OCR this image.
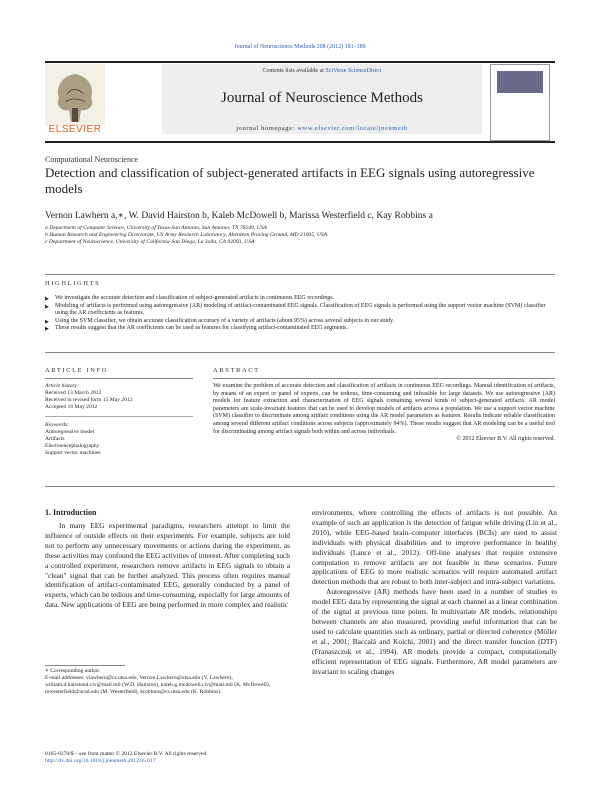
Journal of Neuroscience Methods 208 (2012) 181–189
Contents lists available at SciVerse ScienceDirect
Journal of Neuroscience Methods
journal homepage: www.elsevier.com/locate/jneumeth
ELSEVIER
Computational Neuroscience
Detection and classification of subject-generated artifacts in EEG signals using autoregressive models
Vernon Lawhern a,∗, W. David Hairston b, Kaleb McDowell b, Marissa Westerfield c, Kay Robbins a
a Department of Computer Science, University of Texas-San Antonio, San Antonio, TX 78249, USA
b Human Research and Engineering Directorate, US Army Research Laboratory, Aberdeen Proving Ground, MD 21005, USA
c Department of Neuroscience, University of California-San Diego, La Jolla, CA 92093, USA
HIGHLIGHTS
▶ We investigate the accurate detection and classification of subject-generated artifacts in continuous EEG recordings.
▶ Modeling of artifacts is performed using autoregressive (AR) modeling of artifact-contaminated EEG signals. Classification of EEG signals is performed using the support vector machine (SVM) classifier using the AR coefficients as features.
▶ Using the SVM classifier, we obtain accurate classification accuracy of a variety of artifacts (about 95%) across several subjects in our study.
▶ These results suggest that the AR coefficients can be used as features for classifying artifact-contaminated EEG segments.
ARTICLE INFO	ABSTRACT
Article history:
Received 13 March 2012
Received in revised form 15 May 2012
Accepted 16 May 2012
Keywords:
Autoregressive model
Artifacts
Electroencephalography
Support vector machines

We examine the problem of accurate detection and classification of artifacts in continuous EEG recordings. Manual identification of artifacts, by means of an expert or panel of experts, can be tedious, time-consuming and infeasible for large datasets. We use autoregressive (AR) models for feature extraction and characterization of EEG signals containing several kinds of subject-generated artifacts. AR model parameters are scale-invariant features that can be used to develop models of artifacts across a population. We use a support vector machine (SVM) classifier to discriminate among artifact conditions using the AR model parameters as features. Results indicate reliable classification among several different artifact conditions across subjects (approximately 94%). These results suggest that AR modeling can be a useful tool for discriminating among artifact signals both within and across individuals.

© 2012 Elsevier B.V. All rights reserved.

1. Introduction

In many EEG experimental paradigms, researchers attempt to limit the influence of outside effects on their experiments. For example, subjects are told not to perform any unnecessary movements or actions during the experiment, as these activities may confound the EEG activities of interest. After completing such a controlled experiment, researchers remove artifacts in EEG signals to obtain a "clean" signal that can be further analyzed. This process often requires manual identification of artifact-contaminated EEG, generally conducted by a panel of experts, which can be tedious and time-consuming, especially for large amounts of data. New applications of EEG are being performed in more complex and realistic

environments, where controlling the effects of artifacts is not possible. An example of such an application is the detection of fatigue while driving (Lin et al., 2010), while EEG-based brain–computer interfaces (BCIs) are used to assist individuals with physical disabilities and to improve performance in healthy individuals (Lance et al., 2012). Off-line analyses that require extensive computation to remove artifacts are not feasible in these scenarios. Future applications of EEG to more realistic scenarios will require automated artifact detection methods that are robust to both inter-subject and intra-subject variations.

Autoregressive (AR) methods have been used in a number of studies to model EEG data by representing the signal at each channel as a linear combination of the signal at previous time points. In multivariate AR models, relationships between channels are also measured, providing useful information that can be used to calculate quantities such as ordinary, partial or directed coherence (Möller et al., 2001; Baccalá and Koichi, 2001) and the direct transfer function (DTF) (Franaszczuk et al., 1994). AR models provide a compact, computationally efficient representation of EEG signals. Furthermore, AR model parameters are invariant to scaling changes

∗ Corresponding author.
E-mail addresses: vlawhern@cs.utsa.edu, Vernon.Lawhern@utsa.edu (V. Lawhern), william.d.hairston4.civ@mail.mil (W.D. Hairston), kaleb.g.mcdowell.civ@mail.mil (K. McDowell), mwesterfield@ucsd.edu (M. Westerfield), krobbins@cs.utsa.edu (K. Robbins).
0165-0270/$ – see front matter © 2012 Elsevier B.V. All rights reserved.
http://dx.doi.org/10.1016/j.jneumeth.2012.05.017
